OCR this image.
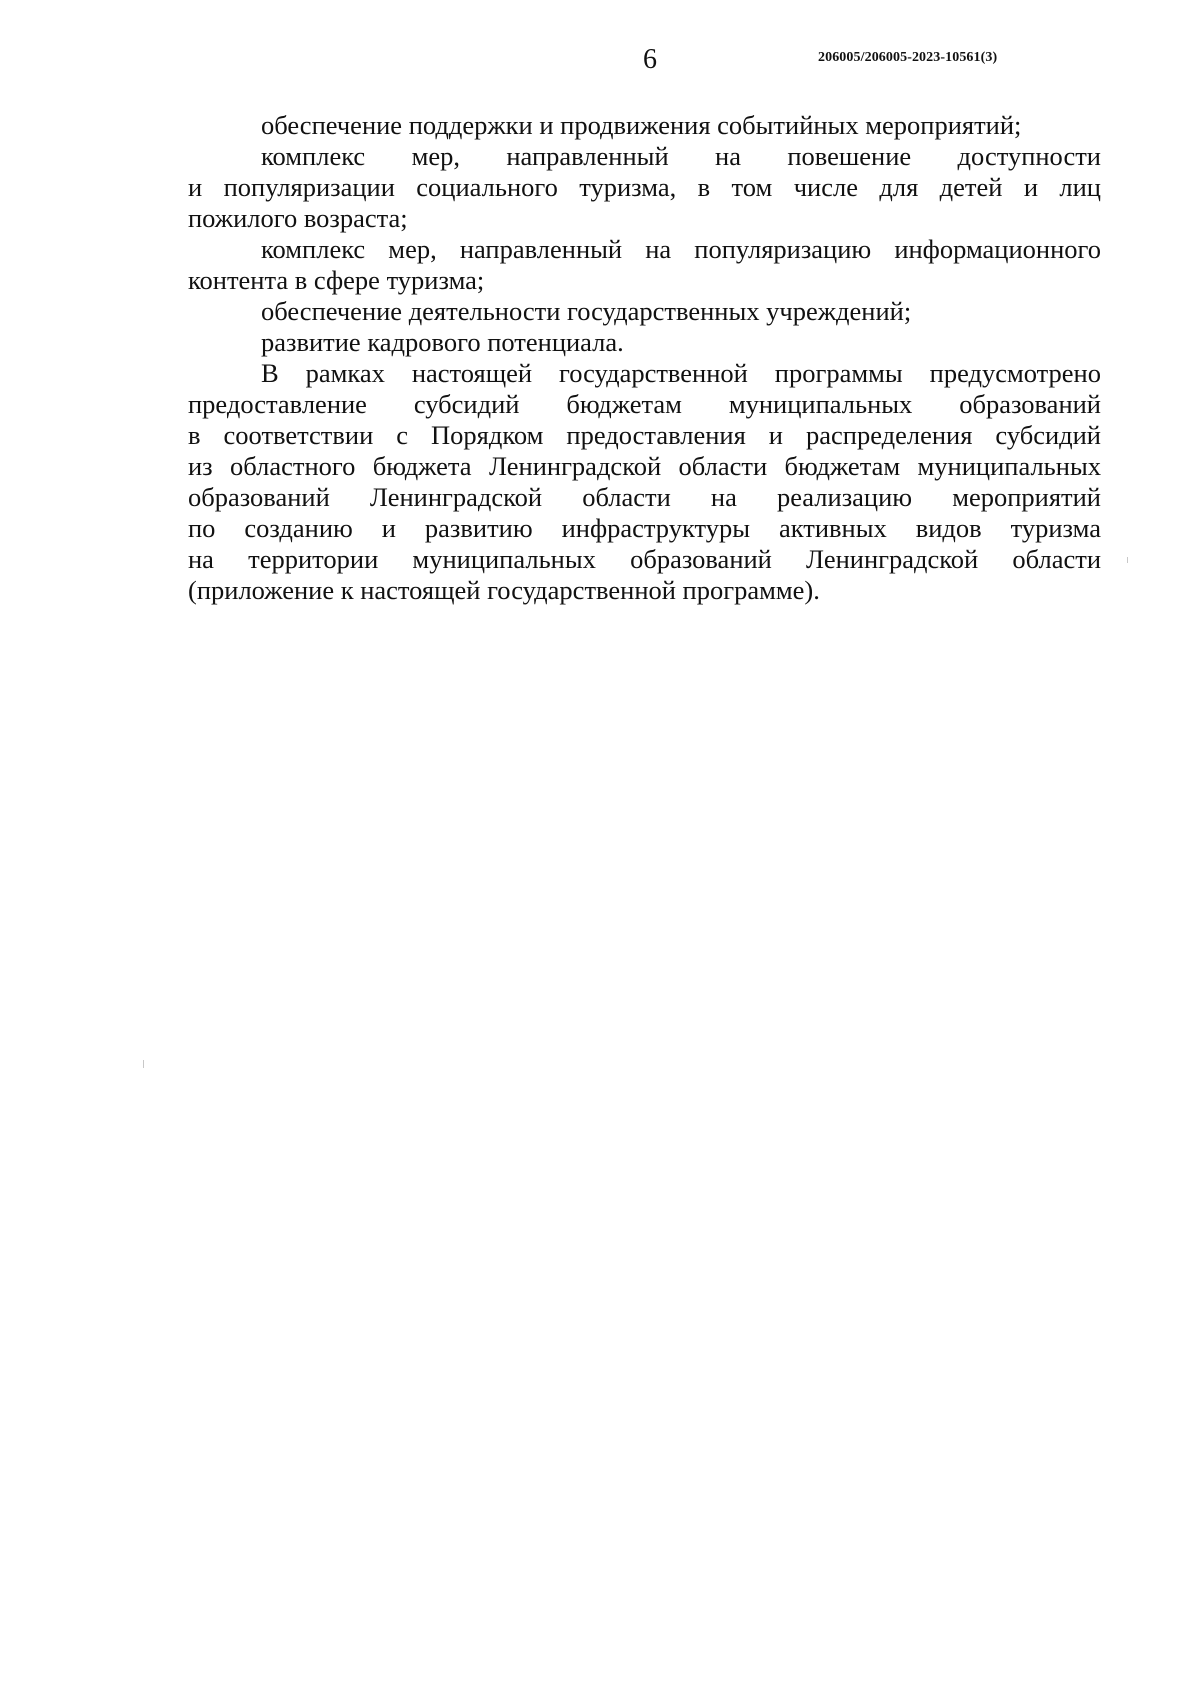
6	206005/206005-2023-10561(3)
обеспечение поддержки и продвижения событийных мероприятий;
комплекс мер, направленный на повешение доступности
и популяризации социального туризма, в том числе для детей и лиц
пожилого возраста;
комплекс мер, направленный на популяризацию информационного
контента в сфере туризма;
обеспечение деятельности государственных учреждений;
развитие кадрового потенциала.
В рамках настоящей государственной программы предусмотрено
предоставление субсидий бюджетам муниципальных образований
в соответствии с Порядком предоставления и распределения субсидий
из областного бюджета Ленинградской области бюджетам муниципальных
образований Ленинградской области на реализацию мероприятий
по созданию и развитию инфраструктуры активных видов туризма
на территории муниципальных образований Ленинградской области
(приложение к настоящей государственной программе).
